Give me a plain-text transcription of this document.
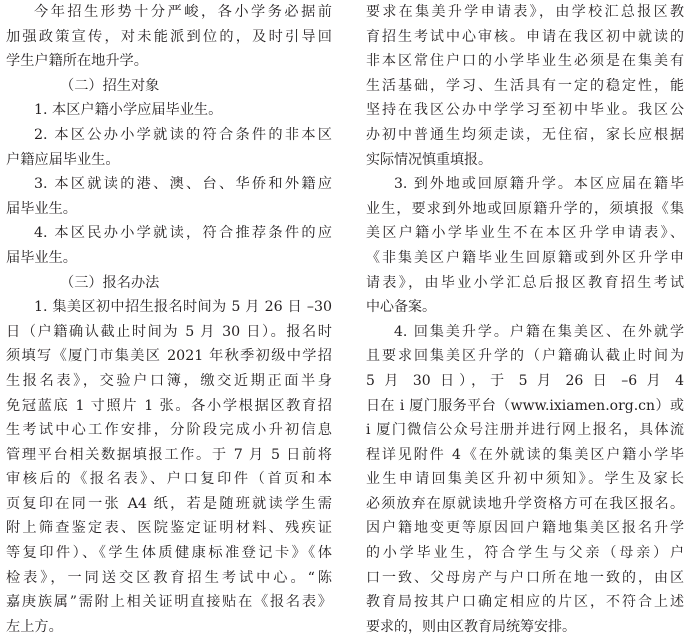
今年招生形势十分严峻，各小学务必据前
加强政策宣传，对未能派到位的，及时引导回
学生户籍所在地升学。
（二）招生对象
1. 本区户籍小学应届毕业生。
2. 本区公办小学就读的符合条件的非本区
户籍应届毕业生。
3. 本区就读的港、澳、台、华侨和外籍应
届毕业生。
4. 本区民办小学就读，符合推荐条件的应
届毕业生。
（三）报名办法
1. 集美区初中招生报名时间为 5 月 26 日 –30
日（户籍确认截止时间为 5 月 30 日）。报名时
须填写《厦门市集美区 2021 年秋季初级中学招
生报名表》，交验户口簿，缴交近期正面半身
免冠蓝底 1 寸照片 1 张。各小学根据区教育招
生考试中心工作安排，分阶段完成小升初信息
管理平台相关数据填报工作。于 7 月 5 日前将
审核后的《报名表》、户口复印件（首页和本
页复印在同一张 A4 纸，若是随班就读学生需
附上筛查鉴定表、医院鉴定证明材料、残疾证
等复印件）、《学生体质健康标准登记卡》《体
检表》，一同送交区教育招生考试中心。“陈
嘉庚族属”需附上相关证明直接贴在《报名表》
左上方。
要求在集美升学申请表》，由学校汇总报区教
育招生考试中心审核。申请在我区初中就读的
非本区常住户口的小学毕业生必须是在集美有
生活基础，学习、生活具有一定的稳定性，能
坚持在我区公办中学学习至初中毕业。我区公
办初中普通生均须走读，无住宿，家长应根据
实际情况慎重填报。
3. 到外地或回原籍升学。本区应届在籍毕
业生，要求到外地或回原籍升学的，须填报《集
美区户籍小学毕业生不在本区升学申请表》、
《非集美区户籍毕业生回原籍或到外区升学申
请表》，由毕业小学汇总后报区教育招生考试
中心备案。
4. 回集美升学。户籍在集美区、在外就学
且要求回集美区升学的（户籍确认截止时间为
5 月 30 日），于 5 月 26 日 –6 月 4
日在 i 厦门服务平台（www.ixiamen.org.cn）或
i 厦门微信公众号注册并进行网上报名，具体流
程详见附件 4《在外就读的集美区户籍小学毕
业生申请回集美区升初中须知》。学生及家长
必须放弃在原就读地升学资格方可在我区报名。
因户籍地变更等原因回户籍地集美区报名升学
的小学毕业生，符合学生与父亲（母亲）户
口一致、父母房产与户口所在地一致的，由区
教育局按其户口确定相应的片区，不符合上述
要求的，则由区教育局统筹安排。
